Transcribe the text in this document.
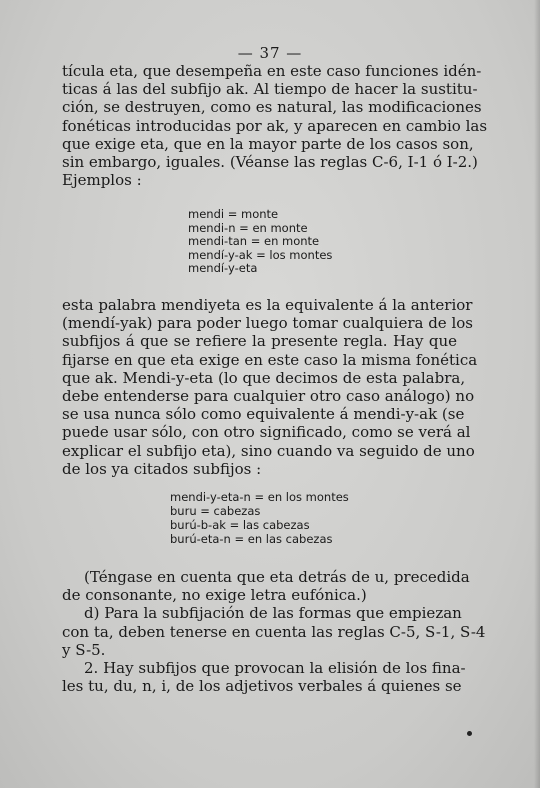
— 37 —
tícula eta, que desempeña en este caso funciones idén-
ticas á las del subfijo ak. Al tiempo de hacer la sustitu-
ción, se destruyen, como es natural, las modificaciones
fonéticas introducidas por ak, y aparecen en cambio las
que exige eta, que en la mayor parte de los casos son,
sin embargo, iguales. (Véanse las reglas C-6, I-1 ó I-2.)
Ejemplos :
mendi = monte
mendi-n = en monte
mendi-tan = en monte
mendí-y-ak = los montes
mendí-y-eta
esta palabra mendiyeta es la equivalente á la anterior
(mendí-yak) para poder luego tomar cualquiera de los
subfijos á que se refiere la presente regla. Hay que
fijarse en que eta exige en este caso la misma fonética
que ak. Mendi-y-eta (lo que decimos de esta palabra,
debe entenderse para cualquier otro caso análogo) no
se usa nunca sólo como equivalente á mendi-y-ak (se
puede usar sólo, con otro significado, como se verá al
explicar el subfijo eta), sino cuando va seguido de uno
de los ya citados subfijos :
mendi-y-eta-n = en los montes
buru = cabezas
burú-b-ak = las cabezas
burú-eta-n = en las cabezas
(Téngase en cuenta que eta detrás de u, precedida
de consonante, no exige letra eufónica.)
d) Para la subfijación de las formas que empiezan
con ta, deben tenerse en cuenta las reglas C-5, S-1, S-4
y S-5.
2. Hay subfijos que provocan la elisión de los fina-
les tu, du, n, i, de los adjetivos verbales á quienes se
